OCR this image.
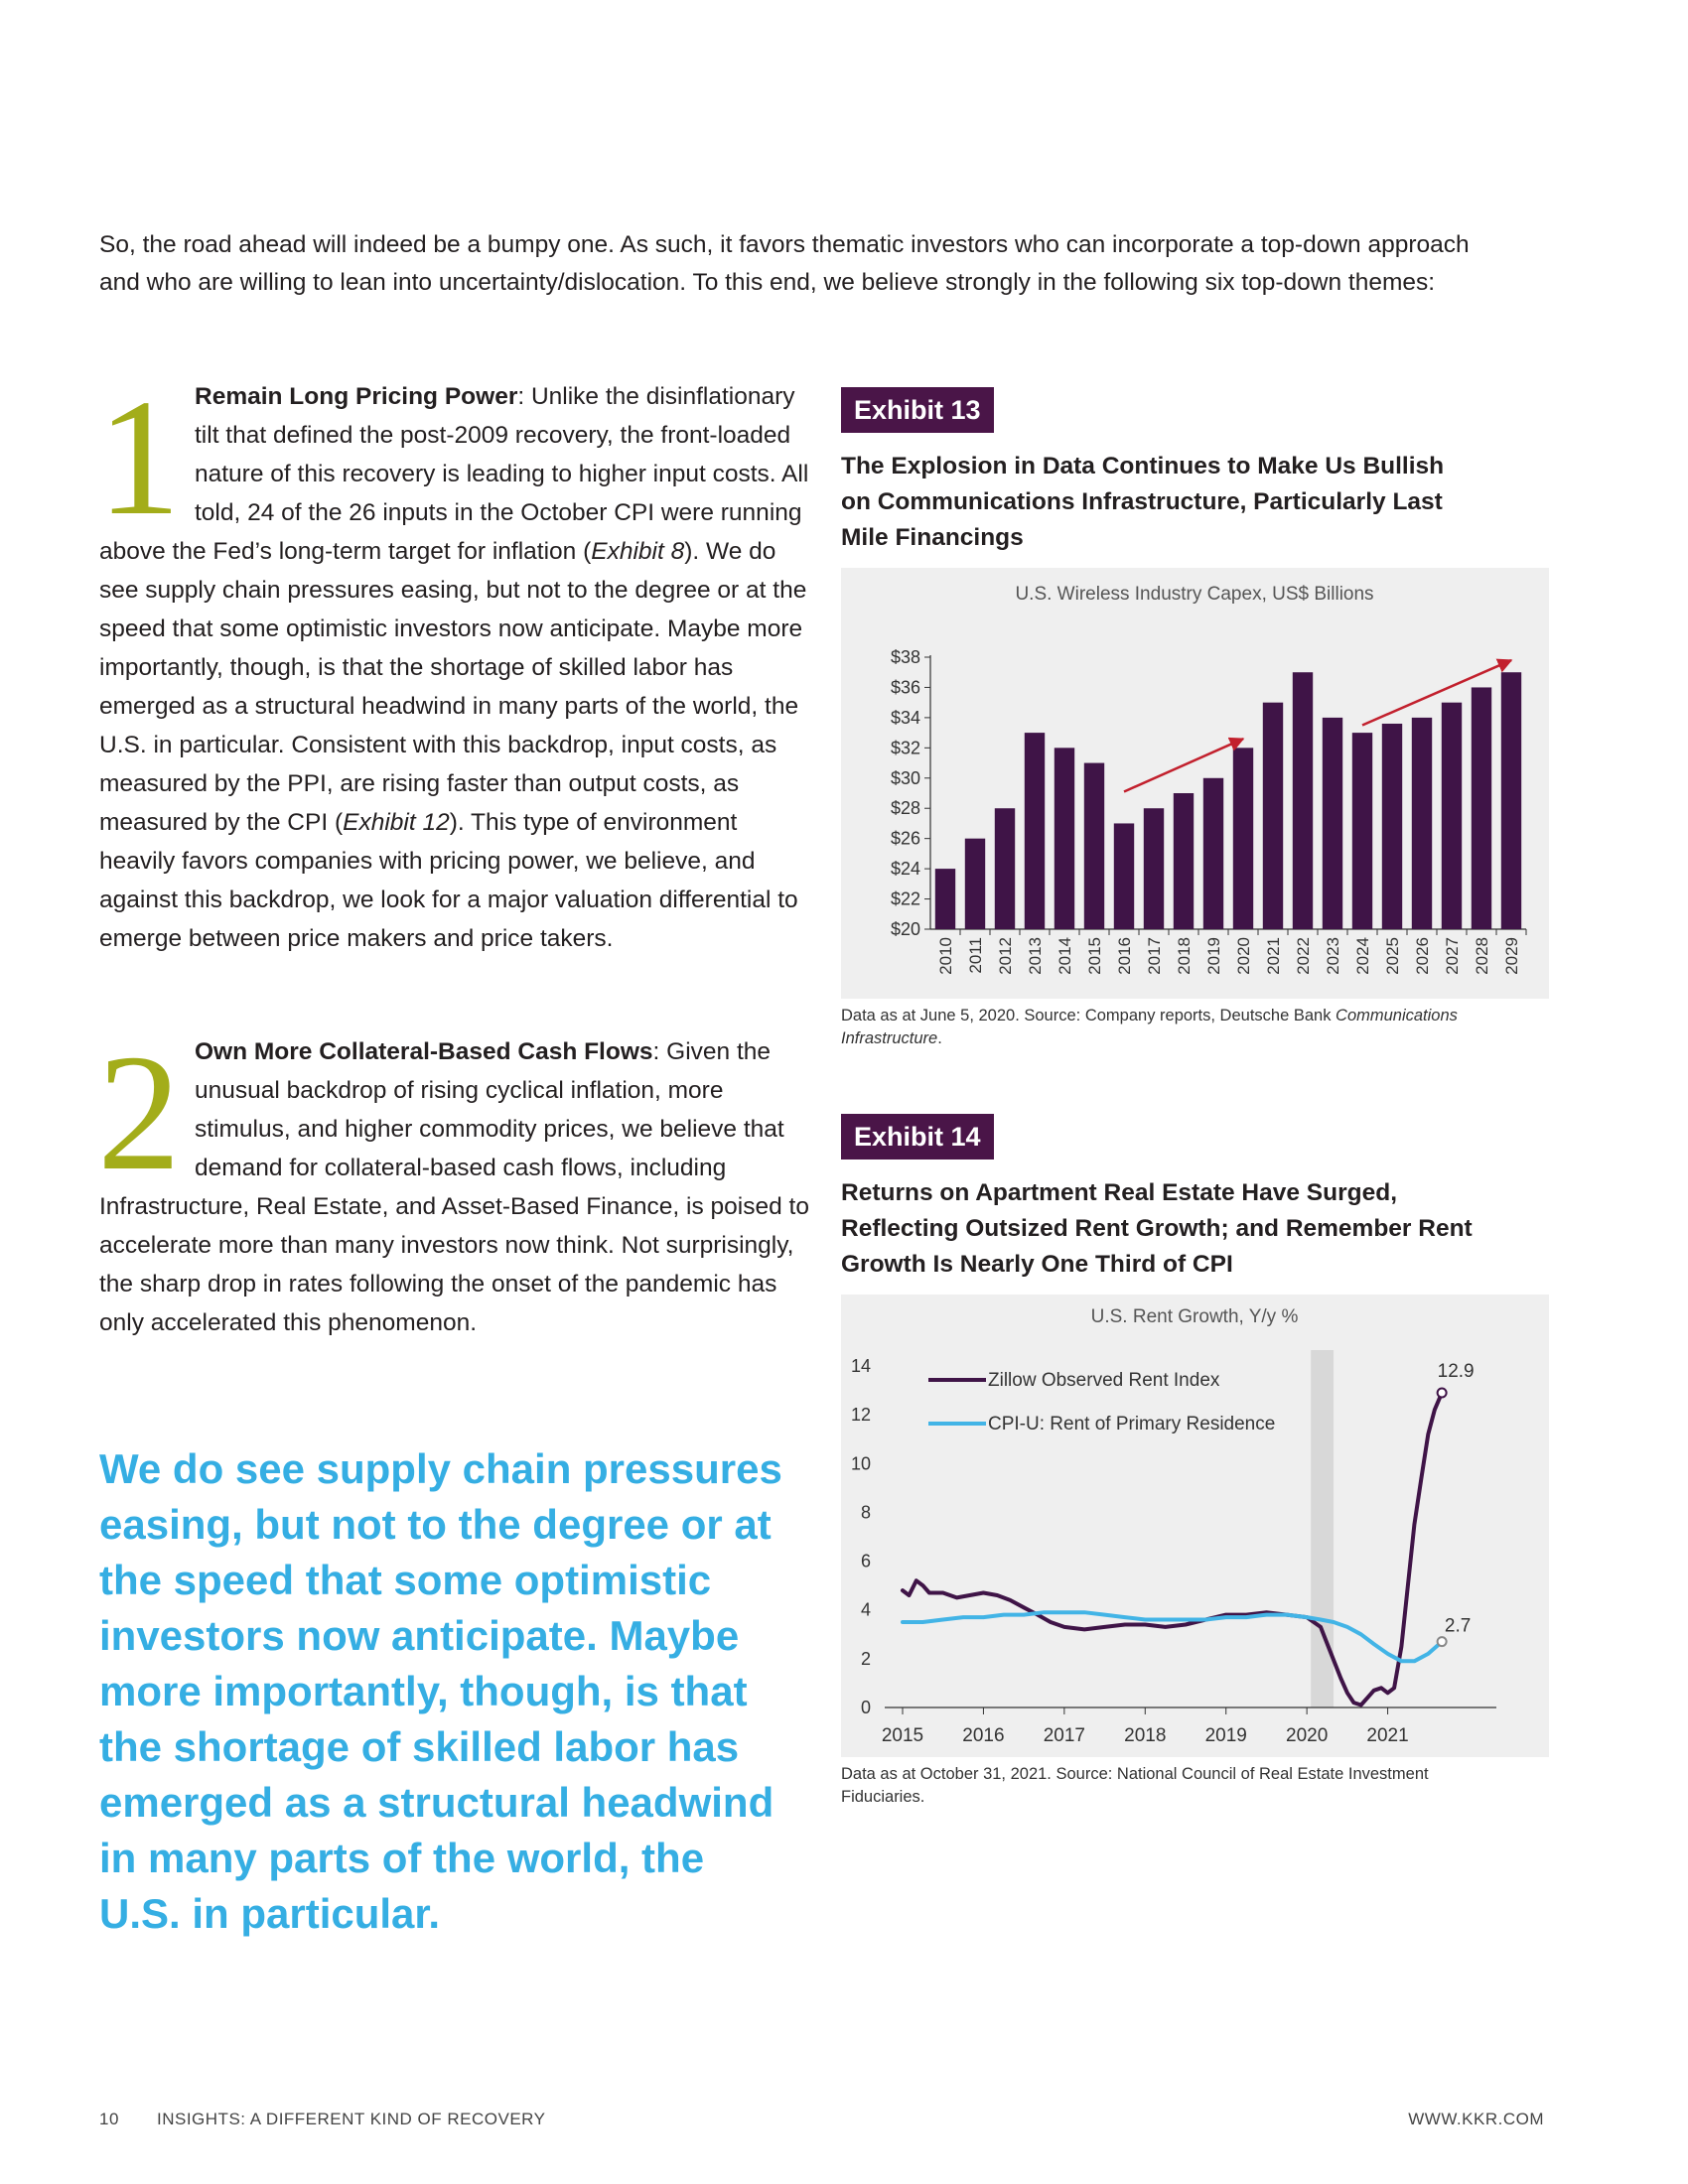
So, the road ahead will indeed be a bumpy one. As such, it favors thematic investors who can incorporate a top-down approach
and who are willing to lean into uncertainty/dislocation. To this end, we believe strongly in the following six top-down themes:

1 Remain Long Pricing Power: Unlike the disinflationary tilt that defined the post-2009 recovery, the front-loaded nature of this recovery is leading to higher input costs. All told, 24 of the 26 inputs in the October CPI were running above the Fed’s long-term target for inflation (Exhibit 8). We do see supply chain pressures easing, but not to the degree or at the speed that some optimistic investors now anticipate. Maybe more importantly, though, is that the shortage of skilled labor has emerged as a structural headwind in many parts of the world, the U.S. in particular. Consistent with this backdrop, input costs, as measured by the PPI, are rising faster than output costs, as measured by the CPI (Exhibit 12). This type of environment heavily favors companies with pricing power, we believe, and against this backdrop, we look for a major valuation differential to emerge between price makers and price takers.

2 Own More Collateral-Based Cash Flows: Given the unusual backdrop of rising cyclical inflation, more stimulus, and higher commodity prices, we believe that demand for collateral-based cash flows, including Infrastructure, Real Estate, and Asset-Based Finance, is poised to accelerate more than many investors now think. Not surprisingly, the sharp drop in rates following the onset of the pandemic has only accelerated this phenomenon.

We do see supply chain pressures easing, but not to the degree or at the speed that some optimistic investors now anticipate. Maybe more importantly, though, is that the shortage of skilled labor has emerged as a structural headwind in many parts of the world, the U.S. in particular.

Exhibit 13

The Explosion in Data Continues to Make Us Bullish
on Communications Infrastructure, Particularly Last
Mile Financings

U.S. Wireless Industry Capex, US$ Billions
$20
$22
$24
$26
$28
$30
$32
$34
$36
$38
2010 2011 2012 2013 2014 2015 2016 2017 2018 2019 2020 2021 2022 2023 2024 2025 2026 2027 2028 2029

Data as at June 5, 2020. Source: Company reports, Deutsche Bank Communications Infrastructure.

Exhibit 14

Returns on Apartment Real Estate Have Surged,
Reflecting Outsized Rent Growth; and Remember Rent
Growth Is Nearly One Third of CPI

U.S. Rent Growth, Y/y %
0
2
4
6
8
10
12
14
2015 2016 2017 2018 2019 2020 2021
12.9
Zillow Observed Rent Index
2.7
CPI-U: Rent of Primary Residence

Data as at October 31, 2021. Source: National Council of Real Estate Investment
Fiduciaries.

10 INSIGHTS: A DIFFERENT KIND OF RECOVERY	WWW.KKR.COM
